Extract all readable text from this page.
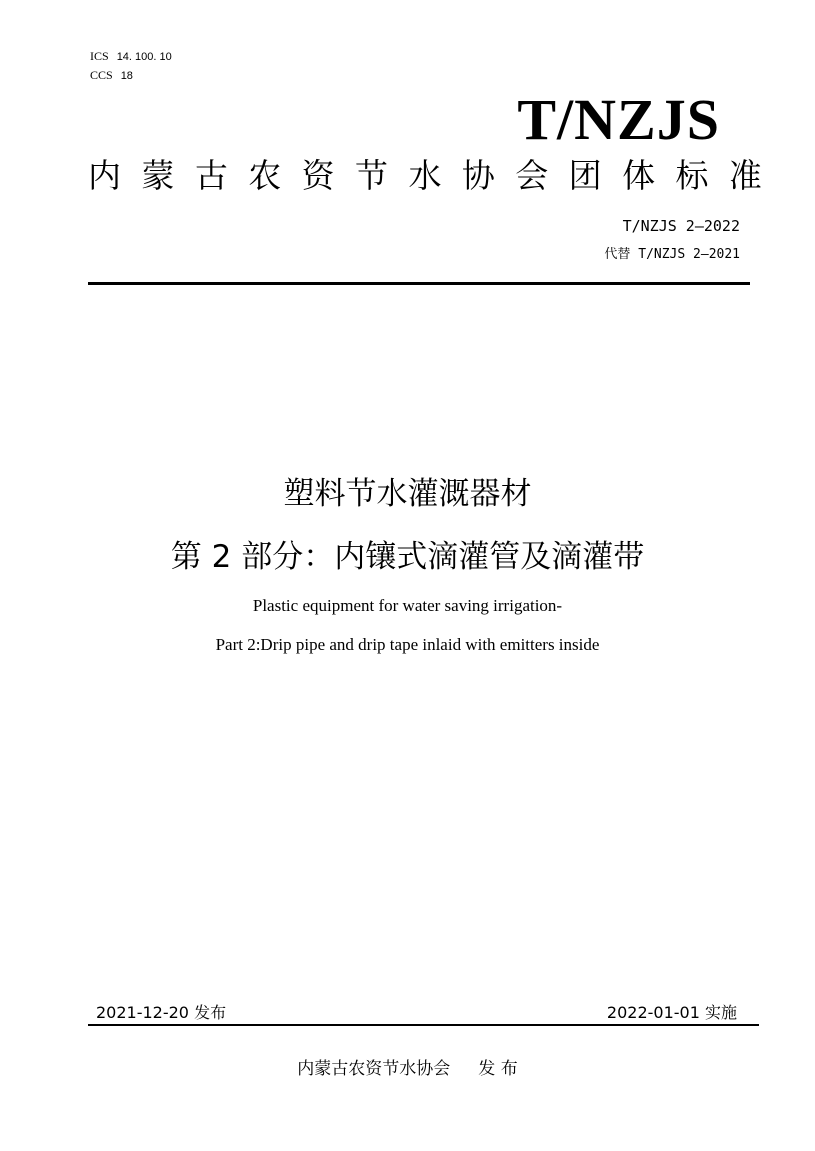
ICS 14. 100. 10
CCS 18
T/NZJS
内 蒙 古 农 资 节 水 协 会 团 体 标 准
T/NZJS 2—2022
代替 T/NZJS 2—2021
塑料节水灌溉器材
第 2 部分：内镶式滴灌管及滴灌带
Plastic equipment for water saving irrigation-
Part 2:Drip pipe and drip tape inlaid with emitters inside
2021-12-20 发布	2022-01-01 实施
内蒙古农资节水协会 发 布
